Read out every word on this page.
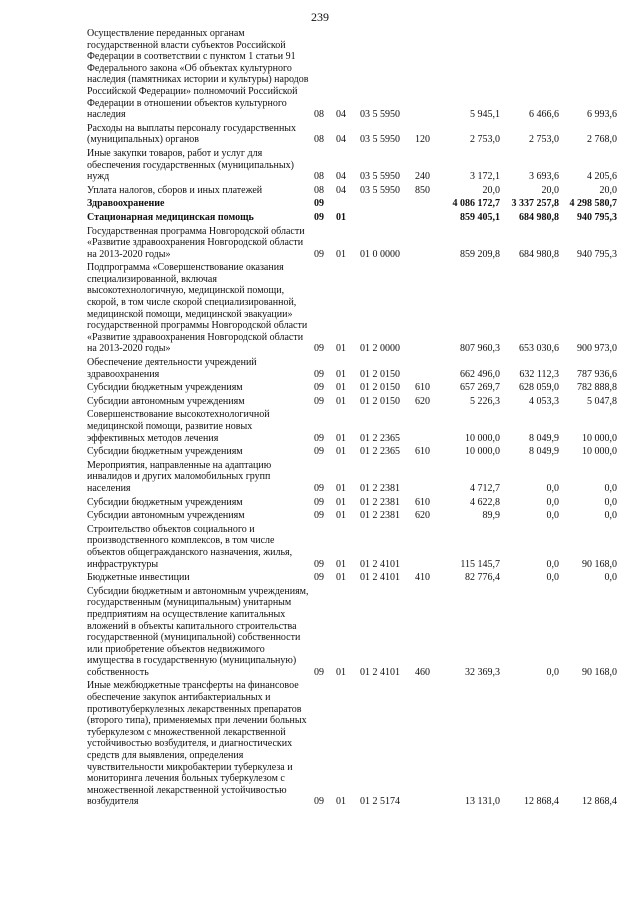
239
Осуществление переданных органам государственной власти субъектов Российской Федерации в соответствии с пунктом 1 статьи 91 Федерального закона «Об объектах культурного наследия (памятниках истории и культуры) народов Российской Федерации» полномочий Российской Федерации в отношении объектов культурного наследия	08	04	03 5 5950		5 945,1	6 466,6	6 993,6
Расходы на выплаты персоналу государственных (муниципальных) органов	08	04	03 5 5950	120	2 753,0	2 753,0	2 768,0
Иные закупки товаров, работ и услуг для обеспечения государственных (муниципальных) нужд	08	04	03 5 5950	240	3 172,1	3 693,6	4 205,6
Уплата налогов, сборов и иных платежей	08	04	03 5 5950	850	20,0	20,0	20,0
Здравоохранение	09				4 086 172,7	3 337 257,8	4 298 580,7
Стационарная медицинская помощь	09	01			859 405,1	684 980,8	940 795,3
Государственная программа Новгородской области «Развитие здравоохранения Новгородской области на 2013-2020 годы»	09	01	01 0 0000		859 209,8	684 980,8	940 795,3
Подпрограмма «Совершенствование оказания специализированной, включая высокотехнологичную, медицинской помощи, скорой, в том числе скорой специализированной, медицинской помощи, медицинской эвакуации» государственной программы Новгородской области «Развитие здравоохранения Новгородской области на 2013-2020 годы»	09	01	01 2 0000		807 960,3	653 030,6	900 973,0
Обеспечение деятельности учреждений здравоохранения	09	01	01 2 0150		662 496,0	632 112,3	787 936,6
Субсидии бюджетным учреждениям	09	01	01 2 0150	610	657 269,7	628 059,0	782 888,8
Субсидии автономным учреждениям	09	01	01 2 0150	620	5 226,3	4 053,3	5 047,8
Совершенствование высокотехнологичной медицинской помощи, развитие новых эффективных методов лечения	09	01	01 2 2365		10 000,0	8 049,9	10 000,0
Субсидии бюджетным учреждениям	09	01	01 2 2365	610	10 000,0	8 049,9	10 000,0
Мероприятия, направленные на адаптацию инвалидов и других маломобильных групп населения	09	01	01 2 2381		4 712,7	0,0	0,0
Субсидии бюджетным учреждениям	09	01	01 2 2381	610	4 622,8	0,0	0,0
Субсидии автономным учреждениям	09	01	01 2 2381	620	89,9	0,0	0,0
Строительство объектов социального и производственного комплексов, в том числе объектов общегражданского назначения, жилья, инфраструктуры	09	01	01 2 4101		115 145,7	0,0	90 168,0
Бюджетные инвестиции	09	01	01 2 4101	410	82 776,4	0,0	0,0
Субсидии бюджетным и автономным учреждениям, государственным (муниципальным) унитарным предприятиям на осуществление капитальных вложений в объекты капитального строительства государственной (муниципальной) собственности или приобретение объектов недвижимого имущества в государственную (муниципальную) собственность	09	01	01 2 4101	460	32 369,3	0,0	90 168,0
Иные межбюджетные трансферты на финансовое обеспечение закупок антибактериальных и противотуберкулезных лекарственных препаратов (второго типа), применяемых при лечении больных туберкулезом с множественной лекарственной устойчивостью возбудителя, и диагностических средств для выявления, определения чувствительности микробактерии туберкулеза и мониторинга лечения больных туберкулезом с множественной лекарственной устойчивостью возбудителя	09	01	01 2 5174		13 131,0	12 868,4	12 868,4
